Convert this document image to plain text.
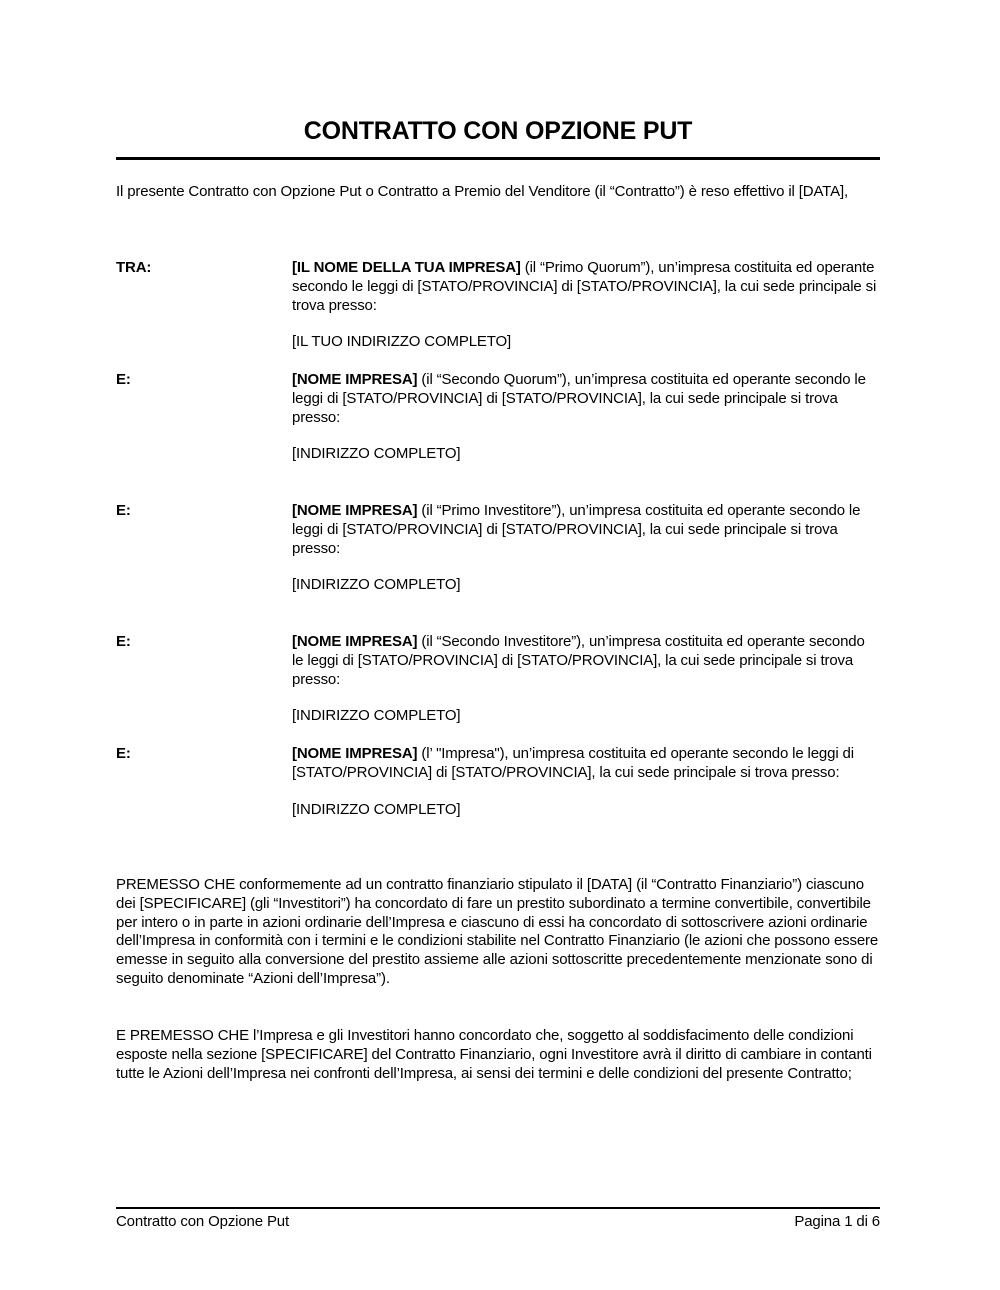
CONTRATTO CON OPZIONE PUT

Il presente Contratto con Opzione Put o Contratto a Premio del Venditore (il “Contratto”) è reso effettivo il [DATA],

TRA:	[IL NOME DELLA TUA IMPRESA] (il “Primo Quorum”), un’impresa costituita ed operante secondo le leggi di [STATO/PROVINCIA] di [STATO/PROVINCIA], la cui sede principale si trova presso:

[IL TUO INDIRIZZO COMPLETO]

E:	[NOME IMPRESA] (il “Secondo Quorum”), un’impresa costituita ed operante secondo le leggi di [STATO/PROVINCIA] di [STATO/PROVINCIA], la cui sede principale si trova presso:

[INDIRIZZO COMPLETO]

E:	[NOME IMPRESA] (il “Primo Investitore”), un’impresa costituita ed operante secondo le leggi di [STATO/PROVINCIA] di [STATO/PROVINCIA], la cui sede principale si trova presso:

[INDIRIZZO COMPLETO]

E:	[NOME IMPRESA] (il “Secondo Investitore”), un’impresa costituita ed operante secondo le leggi di [STATO/PROVINCIA] di [STATO/PROVINCIA], la cui sede principale si trova presso:

[INDIRIZZO COMPLETO]

E:	[NOME IMPRESA] (l’ "Impresa"), un’impresa costituita ed operante secondo le leggi di [STATO/PROVINCIA] di [STATO/PROVINCIA], la cui sede principale si trova presso:

[INDIRIZZO COMPLETO]

PREMESSO CHE conformemente ad un contratto finanziario stipulato il [DATA] (il “Contratto Finanziario”) ciascuno dei [SPECIFICARE] (gli “Investitori”) ha concordato di fare un prestito subordinato a termine convertibile, convertibile per intero o in parte in azioni ordinarie dell’Impresa e ciascuno di essi ha concordato di sottoscrivere azioni ordinarie dell’Impresa in conformità con i termini e le condizioni stabilite nel Contratto Finanziario (le azioni che possono essere emesse in seguito alla conversione del prestito assieme alle azioni sottoscritte precedentemente menzionate sono di seguito denominate “Azioni dell’Impresa”).

E PREMESSO CHE l’Impresa e gli Investitori hanno concordato che, soggetto al soddisfacimento delle condizioni esposte nella sezione [SPECIFICARE] del Contratto Finanziario, ogni Investitore avrà il diritto di cambiare in contanti tutte le Azioni dell’Impresa nei confronti dell’Impresa, ai sensi dei termini e delle condizioni del presente Contratto;

Contratto con Opzione Put	Pagina 1 di 6
